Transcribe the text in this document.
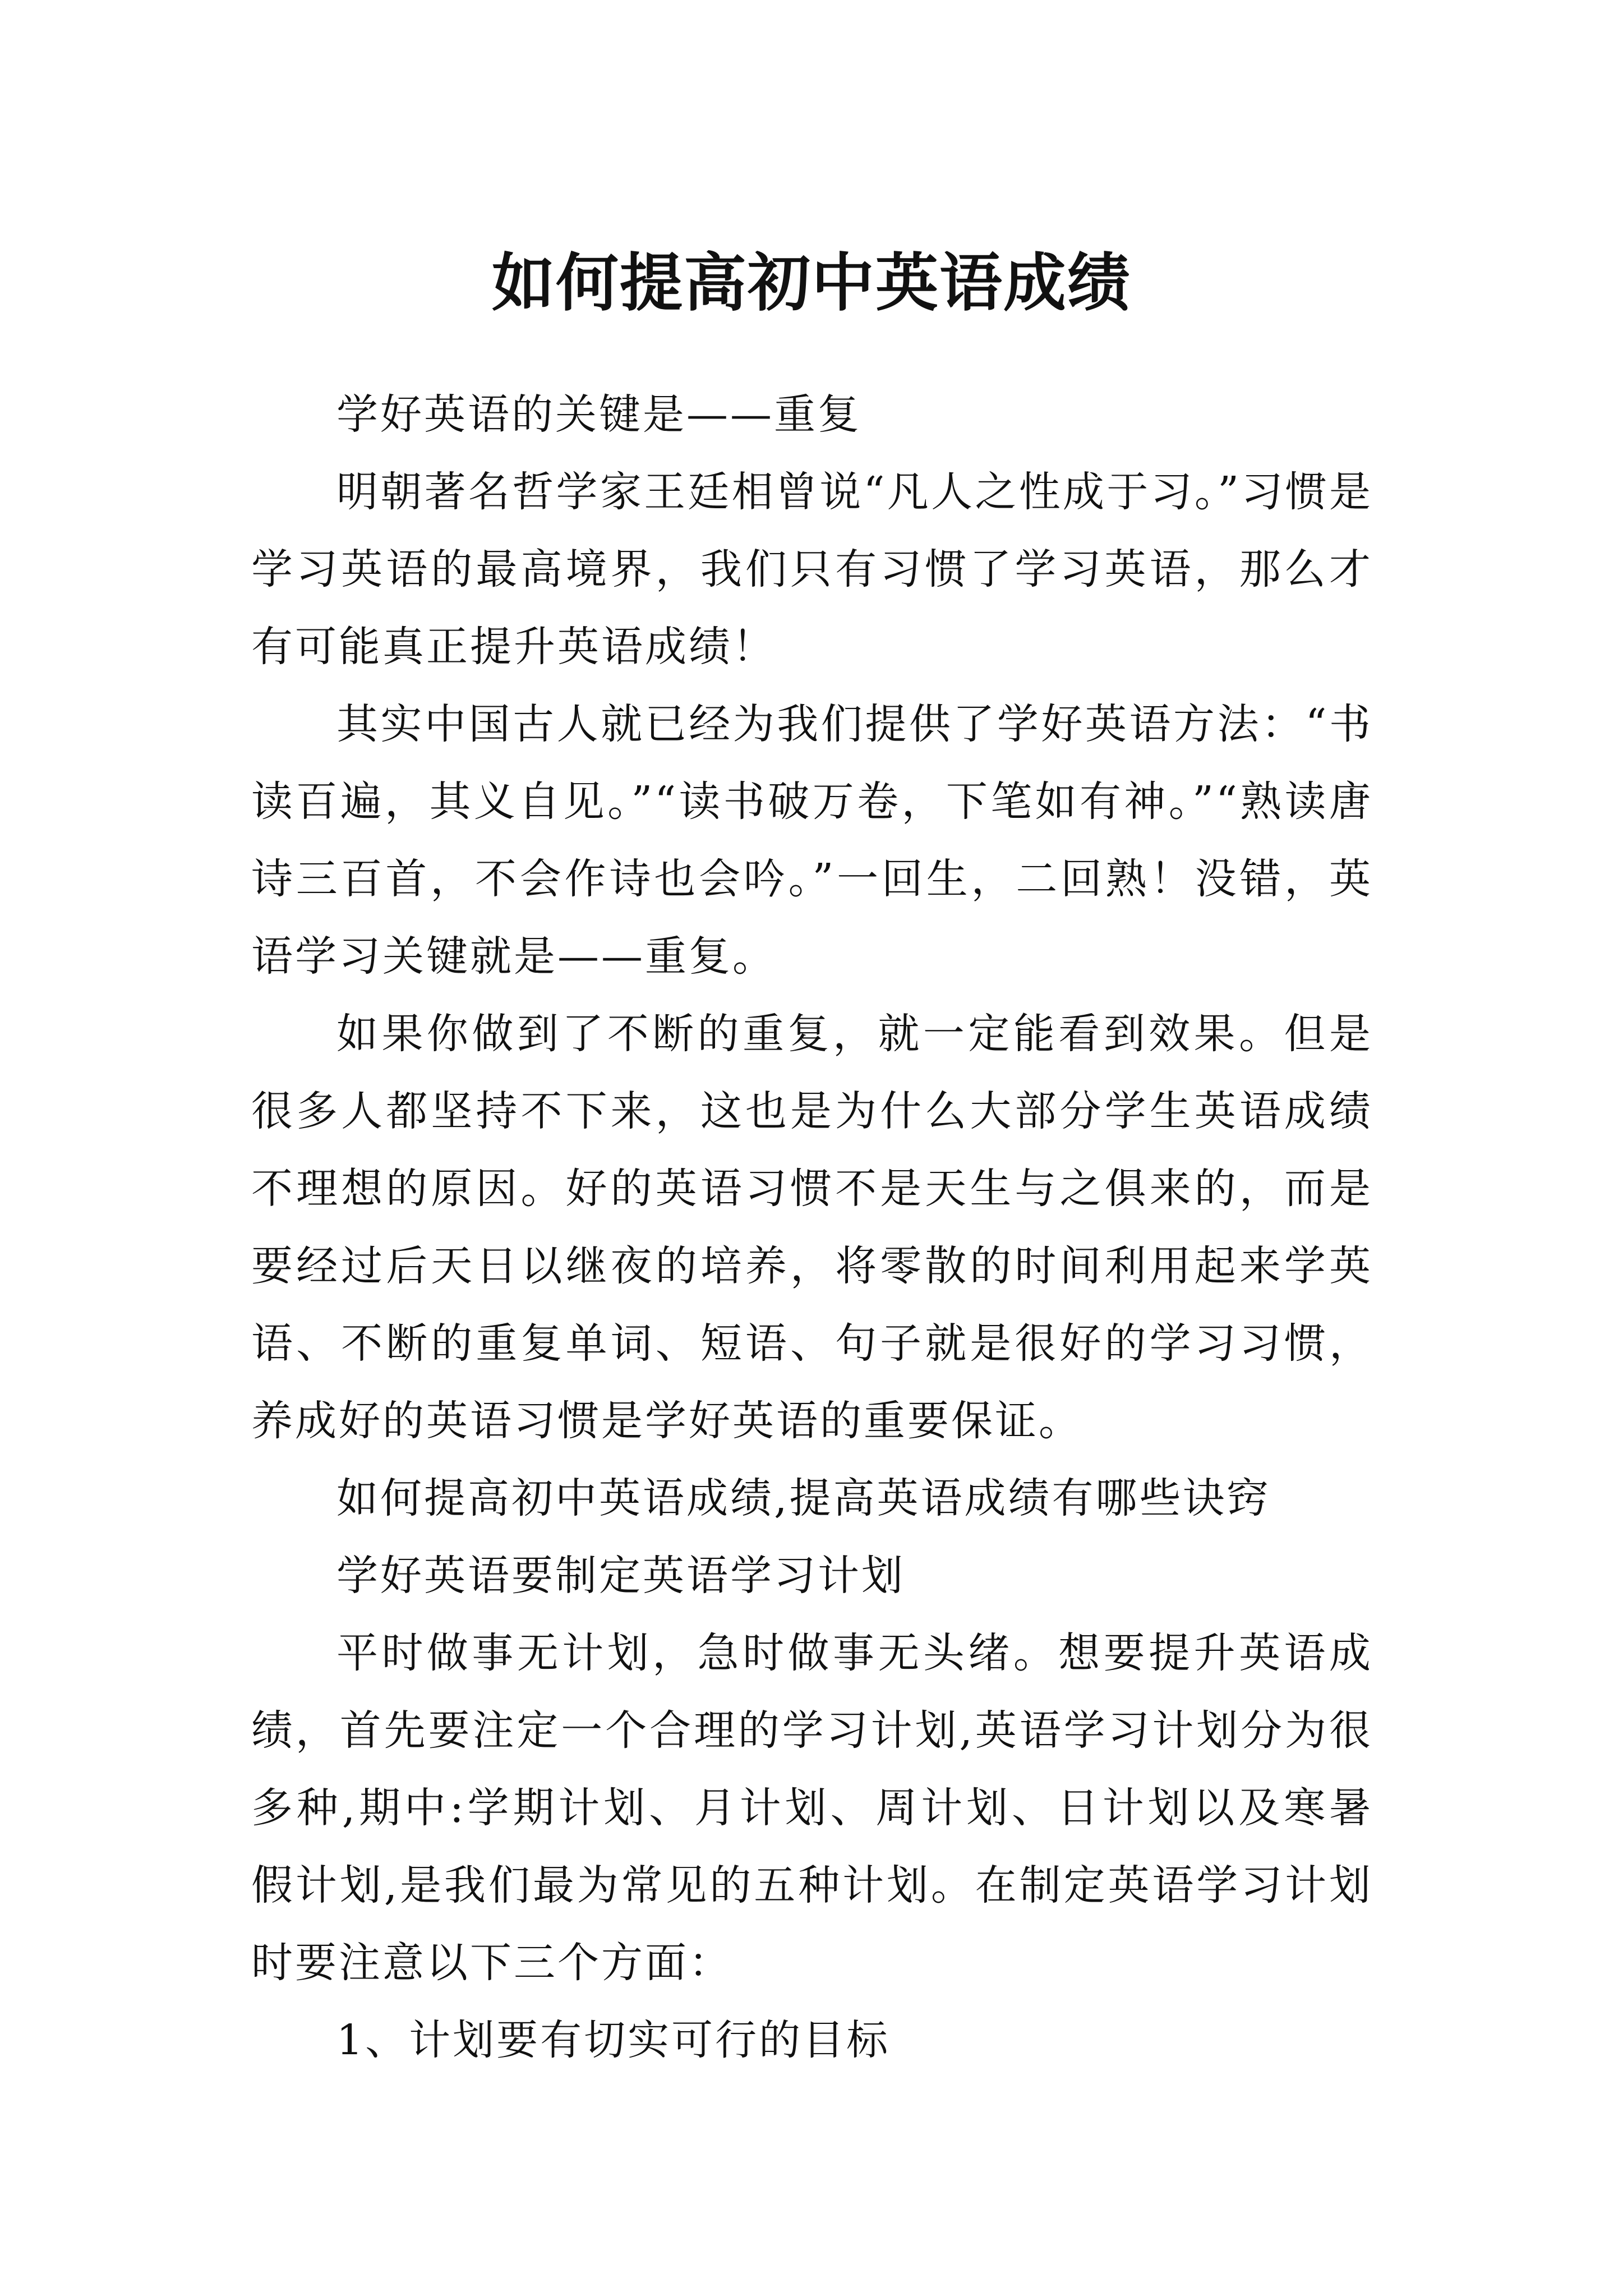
如何提高初中英语成绩

学好英语的关键是——重复

明朝著名哲学家王廷相曾说“凡人之性成于习。”习惯是学习英语的最高境界，我们只有习惯了学习英语，那么才有可能真正提升英语成绩！

其实中国古人就已经为我们提供了学好英语方法：“书读百遍，其义自见。”“读书破万卷，下笔如有神。”“熟读唐诗三百首，不会作诗也会吟。”一回生，二回熟！没错，英语学习关键就是——重复。

如果你做到了不断的重复，就一定能看到效果。但是很多人都坚持不下来，这也是为什么大部分学生英语成绩不理想的原因。好的英语习惯不是天生与之俱来的，而是要经过后天日以继夜的培养，将零散的时间利用起来学英语、不断的重复单词、短语、句子就是很好的学习习惯，养成好的英语习惯是学好英语的重要保证。

如何提高初中英语成绩,提高英语成绩有哪些诀窍

学好英语要制定英语学习计划

平时做事无计划，急时做事无头绪。想要提升英语成绩，首先要注定一个合理的学习计划,英语学习计划分为很多种,期中:学期计划、月计划、周计划、日计划以及寒暑假计划,是我们最为常见的五种计划。在制定英语学习计划时要注意以下三个方面：

1、计划要有切实可行的目标
